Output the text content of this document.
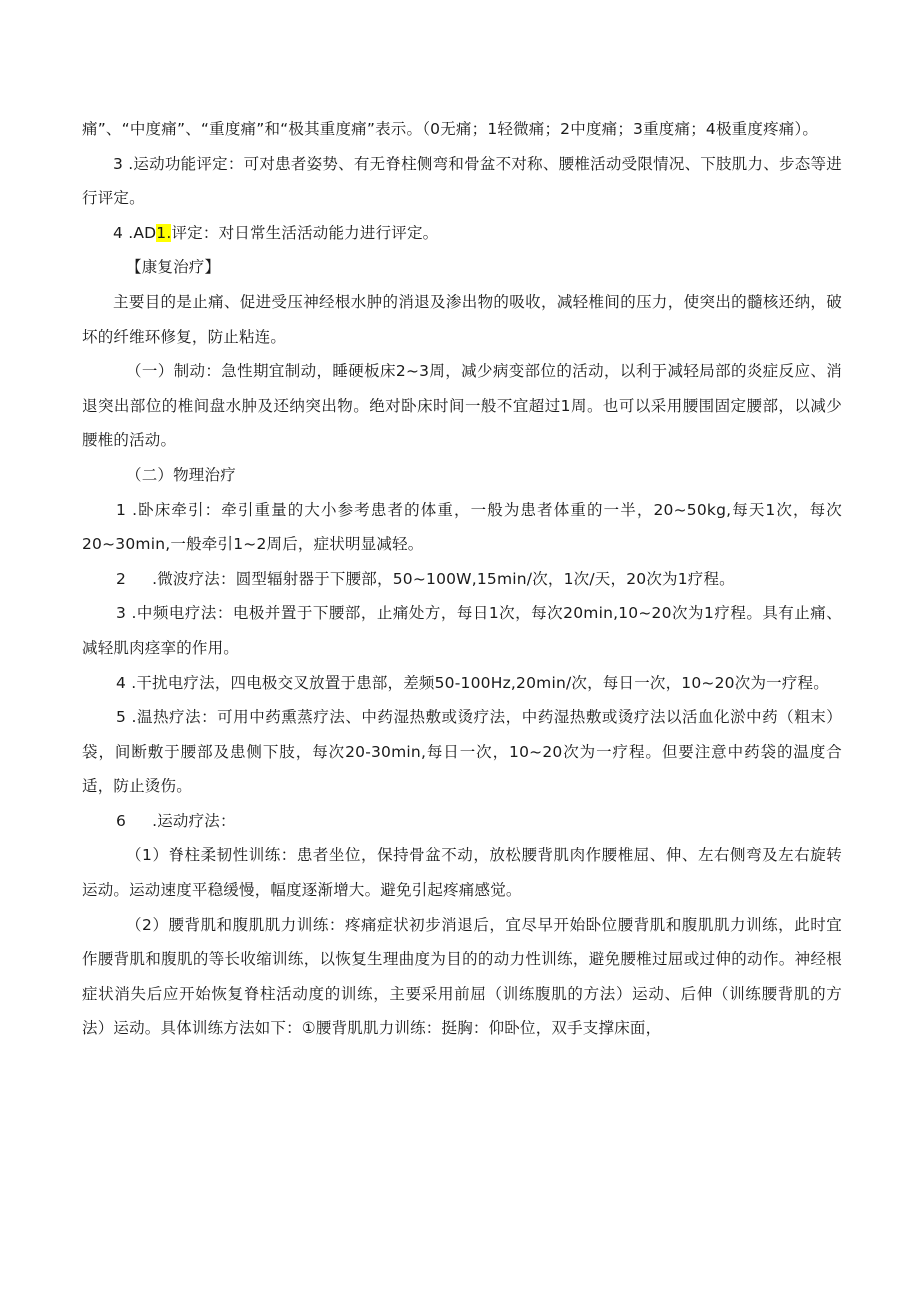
痛”、“中度痛”、“重度痛”和“极其重度痛”表示。（0无痛；1轻微痛；2中度痛；3重度痛；4极重度疼痛）。

3 .运动功能评定：可对患者姿势、有无脊柱侧弯和骨盆不对称、腰椎活动受限情况、下肢肌力、步态等进行评定。

4 .AD1.评定：对日常生活活动能力进行评定。

【康复治疗】

主要目的是止痛、促进受压神经根水肿的消退及渗出物的吸收，减轻椎间的压力，使突出的髓核还纳，破坏的纤维环修复，防止粘连。

（一）制动：急性期宜制动，睡硬板床2~3周，减少病变部位的活动，以利于减轻局部的炎症反应、消退突出部位的椎间盘水肿及还纳突出物。绝对卧床时间一般不宜超过1周。也可以采用腰围固定腰部，以减少腰椎的活动。

（二）物理治疗

1 .卧床牵引：牵引重量的大小参考患者的体重，一般为患者体重的一半，20~50kg,每天1次，每次20~30min,一般牵引1~2周后，症状明显减轻。

2 .微波疗法：圆型辐射器于下腰部，50~100W,15min∕次，1次/天，20次为1疗程。

3 .中频电疗法：电极并置于下腰部，止痛处方，每日1次，每次20min,10~20次为1疗程。具有止痛、减轻肌肉痉挛的作用。

4 .干扰电疗法，四电极交叉放置于患部，差频50-100Hz,20min∕次，每日一次，10~20次为一疗程。

5 .温热疗法：可用中药熏蒸疗法、中药湿热敷或烫疗法，中药湿热敷或烫疗法以活血化淤中药（粗末）袋，间断敷于腰部及患侧下肢，每次20-30min,每日一次，10~20次为一疗程。但要注意中药袋的温度合适，防止烫伤。

6 .运动疗法：

（1）脊柱柔韧性训练：患者坐位，保持骨盆不动，放松腰背肌肉作腰椎屈、伸、左右侧弯及左右旋转运动。运动速度平稳缓慢，幅度逐渐增大。避免引起疼痛感觉。

（2）腰背肌和腹肌肌力训练：疼痛症状初步消退后，宜尽早开始卧位腰背肌和腹肌肌力训练，此时宜作腰背肌和腹肌的等长收缩训练，以恢复生理曲度为目的的动力性训练，避免腰椎过屈或过伸的动作。神经根症状消失后应开始恢复脊柱活动度的训练，主要采用前屈（训练腹肌的方法）运动、后伸（训练腰背肌的方法）运动。具体训练方法如下：①腰背肌肌力训练：挺胸：仰卧位，双手支撑床面，
